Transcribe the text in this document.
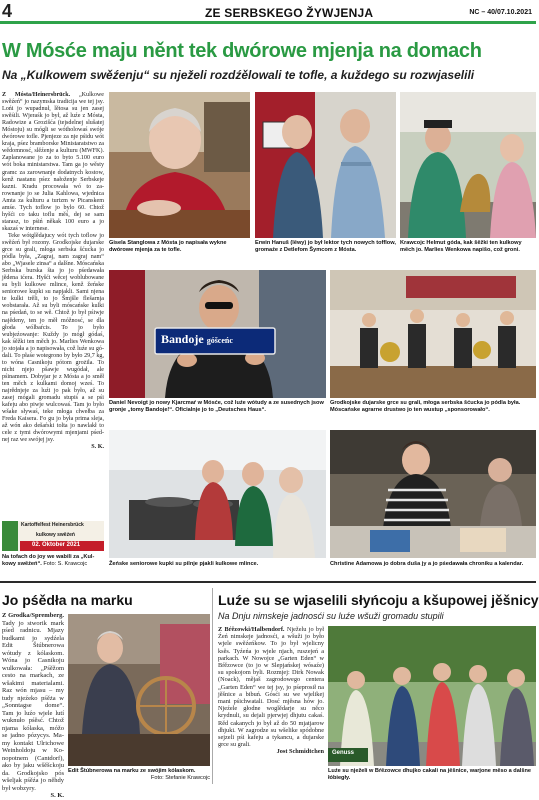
4	ZE SERBSKEGO ŽYWJENJA	NC – 40/07.10.2021
W Mósće maju něnt tek dwórowe mjenja na domach
Na „Kulkowem swěźenju“ su nježeli rozdźělowali te tofle, a kuždego su rozwjaselili

Z Mósta/Heinersbrück. „Kulkowe swěźeń“ jo nazymska tradicija we tej jsy. Lońi jo wupadnuł, lětosa su jen zasej swěśili. Wjeraśk jo był, až luźe z Mósta, Radowize a Grozišća (tejsdelnej slušatej Móstoju) su mógli se wótholowaś swóje dwórowe tofle. Pjenjeze za nje pśidu wót kraja, pśez bramborske Ministaratstwo za wědomnosć, slěźenje a kulturu (MWFK). Zaplanowane jo za to byto 5.100 euro wót boka ministarstwa. Tam ga jo wěsty gramc za zarownanje dodatnych kostow, kenž nastanu pśez nałoženje Serbskeje kazni. Kradu procowała wó to zarownanje jo se Julia Kahlowa, wjednica Amta za kulturu a turizm w Picanskem amśe. Tych toflow jo bylo 60. Chtož hyšći co taku toflu měś, dej se sam starasz, to pśiń někak 100 euro a jo skazaś w internese.

Tekе wótglědajucy wót tych toflow jo swěźeń był rozony. Grodkojske dujarske grce su grali, młoga serbska šćucka jo pódla była, „Zagraj, nam zagraj nam“ abo „Wjasele zinsa“ a dalšne. Móscańska Serbska burska šta jo jo pśedawała jědena ićera. Hyšći wěcej woblubowane su byli kulkowe mlince, kenž žeńske seniorowe kupki su napjakli. Sami njena te kulki trěli, to jo Šmjšle flešarnja wobstarała. Až su byli móscańske kulki na pśedań, to se wě. Chtož jo był pśiwje najědeny, ten jo měł móžnosć, se dla głoda wólbaŕcis. To jo było wubjeźowanje: Kuždy jo mógł gódaś, kak śěžki ten měch jo. Marlies Wenkowa jo stojała a jo napisowała, což luźe su gódali. To płaśe wotegrono by było 29,7 kg, to wóna Casnikoju pótom grożila. To nicht njejo pšawje wugódał, ale pśinamem. Dobyjar je z Mósta a jo směł ten měch z kulkami domoj wześ. To najrědnjeje za luźi jo pak było, až su zasej mógali gromadu stupiś a se pśi kafeju abo piwje wulcowaś. Tam jo było wšake sływaś, teke młoga cłwełba za Freda Kaisera. Fo gu jo była prima sleja, až wón ako dešaŕski tolta jo nawlakł to cele z tymi dwórowymi mjenjami pśednej raz we swójej jsy.

S. K.

Gisela Stanglowa z Mósta jo napisała wykne dwórowe mjenja za te tofle.
Erwin Hanuš (lěwy) jo był lektor tych nowych tofflow, gromaźe z Detlefom Šymcom z Mósta.
Krawcojc Helmut góda, kak šěžki ten kulkowy měch jo. Marlies Wenkowa napišo, což groni.
Bandoje góšceńc
Daniel Nevoigt jo nowy Kjarcmaŕ w Mósće, což luźe wótudy a ze susednych jsow gronje „tomy Bandoje!“. Oficialnje jo to „Deutsches Haus“.
Grodkojske dujarske grce su grali, młoga serbska šćucka jo pódla była. Móscańske agrarne drustwo jo ten wustup „sponsorowało“.
Žeńske seniorowe kupki su pilnje pjakli kulkowe mlince.	Christine Adamowa jo dobra duša jy a jo pśedawała chroniku a kalendar.
Kartoffelfest Heinersbrück
kulkowy swěźeń
02. Oktober 2021
Na tofach do joy we wabili za „Kulkowy swěźeń“. Foto: S. Krawcojc
Jo pśědła na marku

Z Grodka/Spremberg. Tady jo stworik mark pśed radnicu. Mjazy budkami jo sydźela Edit Štúbnerowa wótudy z kólaskom. Wóna jo Casnikoju wulkowała: „Pśěžom cesto na markach, ze wšakimi materialami. Raz wón mjasu – my tudy njeźeko pśěża w „Sonntagse dome“. Tam jo luźo wjele lutí wuknuło pśěsć. Chtož njama kólaska, móžo se jadno pózycys. Mamy kontakt Ulrichowe Weinholdoju w Konopotnem (Cantdorf), ako by jaku wšěšckoju da. Grodkojsko pós wšeljak pśěźa jo něhdy był wobzyry.

S. K.

Edit Štúbnerowa na marku ze swójim kólaskom.
Foto: Stefanie Krawcojc
Luźe su se wjaselili słyńcoju a kšupowej jěšnicy
Na Dnju nimskeje jadnosći su luźe wšuži gromadu stupili

Z Bŕězowki/Halbendorf. Nježelu jo był Źeń nimskeje jadnosći, a wšuži jo było wjele swěźeńkow. To jo był wjelicny ksěs. Tyźeńa jo wjele njach, ruszejeń a parkach. W Nowojce „Garten Eden“ w Bŕězowce (to jo w Slepjańskej wósaźe) su spokojom byli. Rozmjej: Dirk Nowak (Noack), mějaš zagrodowego centera „Garten Eden“ we tej jsy, jo pśeprosił na jěšnice a bibuń. Gósći su we wjelikej mani pśichwatali. Dosć mjěsna hów jo. Njeźele głodne woglědarje su něco krydnuli, su dejali pjerwjej dhjutu cakaś. Rěd cakanych jo był až do 50 mjatjarow dhjuki. W zagrodze su wšelike spódobne sejzeli pśi kafeju a tykancu, a dujarske grce su grali.

Jost Schmidtchen Genuss
Luźe su nježeli w Bŕězowce dhujko cakali na jěšnice, warjone měso a dalšne łóbiegły.
